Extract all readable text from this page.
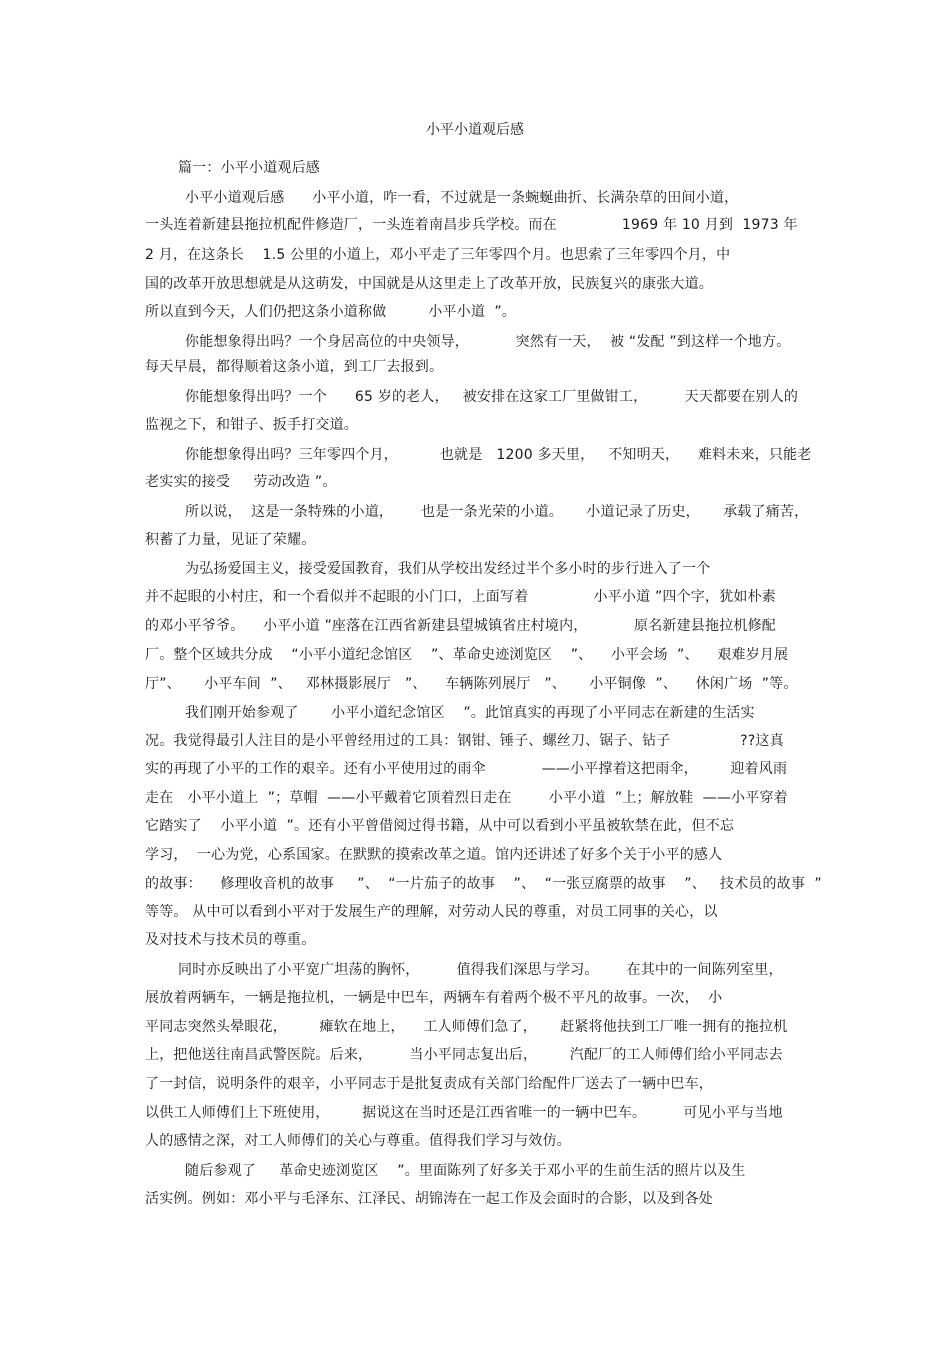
小平小道观后感
篇一：小平小道观后感
小平小道观后感      小平小道，咋一看，不过就是一条蜿蜒曲折、长满杂草的田间小道，
一头连着新建县拖拉机配件修造厂，一头连着南昌步兵学校。而在              1969 年 10 月到  1973 年
2 月，在这条长    1.5 公里的小道上，邓小平走了三年零四个月。也思索了三年零四个月，中
国的改革开放思想就是从这萌发，中国就是从这里走上了改革开放，民族复兴的康张大道。
所以直到今天，人们仍把这条小道称做         小平小道  ”。
你能想象得出吗？一个身居高位的中央领导，          突然有一天，  被 “发配 ”到这样一个地方。
每天早晨，都得顺着这条小道，到工厂去报到。
你能想象得出吗？一个      65 岁的老人，   被安排在这家工厂里做钳工，        天天都要在别人的
监视之下，和钳子、扳手打交道。
你能想象得出吗？三年零四个月，         也就是   1200 多天里，   不知明天，    难料未来，只能老
老实实的接受     劳动改造 ”。
所以说，  这是一条特殊的小道，      也是一条光荣的小道。     小道记录了历史，     承载了痛苦，
积蓄了力量，见证了荣耀。
为弘扬爱国主义，接受爱国教育，我们从学校出发经过半个多小时的步行进入了一个
并不起眼的小村庄，和一个看似并不起眼的小门口，上面写着              小平小道 ”四个字，犹如朴素
的邓小平爷爷。    小平小道 ”座落在江西省新建县望城镇省庄村境内，          原名新建县拖拉机修配
厂。整个区域共分成    “小平小道纪念馆区    ”、革命史迹浏览区    ”、    小平会场  ”、    艰难岁月展
厅”、     小平车间  ”、   邓林摄影展厅   ”、    车辆陈列展厅   ”、     小平铜像  ”、    休闲广场  ”等。
我们刚开始参观了       小平小道纪念馆区    ”。此馆真实的再现了小平同志在新建的生活实
况。我觉得最引人注目的是小平曾经用过的工具：钢钳、锤子、螺丝刀、锯子、钻子               ??这真
实的再现了小平的工作的艰辛。还有小平使用过的雨伞            ——小平撑着这把雨伞，       迎着风雨
走在   小平小道上  ”；草帽  ——小平戴着它顶着烈日走在        小平小道  ”上；解放鞋  ——小平穿着
它踏实了    小平小道  ”。还有小平曾借阅过得书籍，从中可以看到小平虽被软禁在此，但不忘
学习，  一心为党，心系国家。在默默的摸索改革之道。馆内还讲述了好多个关于小平的感人
的故事：    修理收音机的故事     ”、  “一片茄子的故事    ”、  “一张豆腐票的故事    ”、   技术员的故事  ”
等等。 从中可以看到小平对于发展生产的理解，对劳动人民的尊重，对员工同事的关心，以
及对技术与技术员的尊重。
同时亦反映出了小平宽广坦荡的胸怀，        值得我们深思与学习。      在其中的一间陈列室里，
展放着两辆车，一辆是拖拉机，一辆是中巴车，两辆车有着两个极不平凡的故事。一次，  小
平同志突然头晕眼花，       瘫软在地上，    工人师傅们急了，     赶紧将他扶到工厂唯一拥有的拖拉机
上，把他送往南昌武警医院。后来，        当小平同志复出后，       汽配厂的工人师傅们给小平同志去
了一封信，说明条件的艰辛，小平同志于是批复责成有关部门给配件厂送去了一辆中巴车，
以供工人师傅们上下班使用，       据说这在当时还是江西省唯一的一辆中巴车。        可见小平与当地
人的感情之深，对工人师傅们的关心与尊重。值得我们学习与效仿。
随后参观了     革命史迹浏览区    ”。里面陈列了好多关于邓小平的生前生活的照片以及生
活实例。例如：邓小平与毛泽东、江泽民、胡锦涛在一起工作及会面时的合影，以及到各处
